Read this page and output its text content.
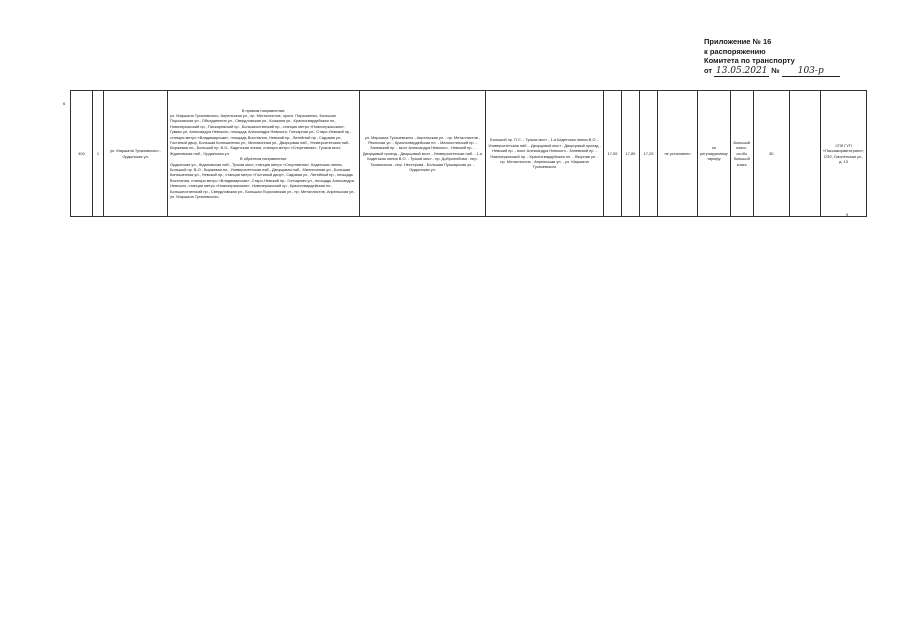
Приложение № 16
к распоряжению
Комитета по транспорту
от 13.05.2021 № 103-р
6
9
400	1	ул. Маршала Тухачевского - Ордынская ул.	
В прямом направлении:
ул. Маршала Тухачевского, Апрельская ул., пр. Металлистов, просп. Пархоменко, Большая Пороховская ул., Объединения ул., Свердловская ул., Кошкина ул., Красногвардейская пл., Новочеркасский пр., Пискаревский пр., Большеохтинский пр., станция метро «Новочеркасская», Гуммы ул. Александра Невского, площадь Александра Невского, Гончарная ул., Старо-Невский пр., станция метро «Владимирская», площадь Восстания, Невский пр., Литейный пр., Садовая ул., Гостиный двор, Большая Конюшенная ул., Миллионная ул., Дворцовая наб., Университетская наб., Биржевая пл., Большой пр. В.О., Кадетская линия, станция метро «Спортивная», Тучков мост, Ждановская наб., Ордынская ул.
В обратном направлении:
Ордынская ул., Ждановская наб., Тучков мост, станция метро «Спортивная», Кадетская линия, Большой пр. В.О., Биржевая пл., Университетская наб., Дворцовая наб., Миллионная ул., Большая Конюшенная ул., Невский пр., станция метро «Гостиный двор», Садовая ул., Литейный пр., площадь Восстания, станция метро «Владимирская», Старо-Невский пр., Гончарная ул., площадь Александра Невского, станция метро «Новочеркасская», Новочеркасский пр., Красногвардейская пл., Большеохтинский пр., Свердловская ул., Большая Пороховская ул., пр. Металлистов, Апрельская ул., ул. Маршала Тухачевского.
	ул. Маршала Тухачевского - Апрельская ул. - пр. Металлистов - Японская ул. - Красногвардейская пл. - Малоохтинский пр. - Заневский пр. - мост Александра Невского - Невский пр. - Дворцовый проезд - Дворцовый мост - Университетская наб. - 1-я Кадетская линия В.О. - Тучков мост - пр. Добролюбова - пер. Талалихина - пер. Нестерова - Большая Пушкарская ул. - Ордынская ул.	Большой пр. П.С. - Тучков мост - 1-я Кадетская линия В.О. - Университетская наб. - Дворцовый мост - Дворцовый проезд - Невский пр. - мост Александра Невского - Заневский пр. - Новочеркасский пр. - Красногвардейская пл. - Якорная ул. - пр. Металлистов - Апрельская ул. - ул. Маршала Тухачевского	17,55	17,85	17,25	не установлен	по регулируемому тарифу	Большой класс, особо большой класс	30		СПб ГУП «Пассажиравтотранс», СПб, Смоленская ул., д. 13
